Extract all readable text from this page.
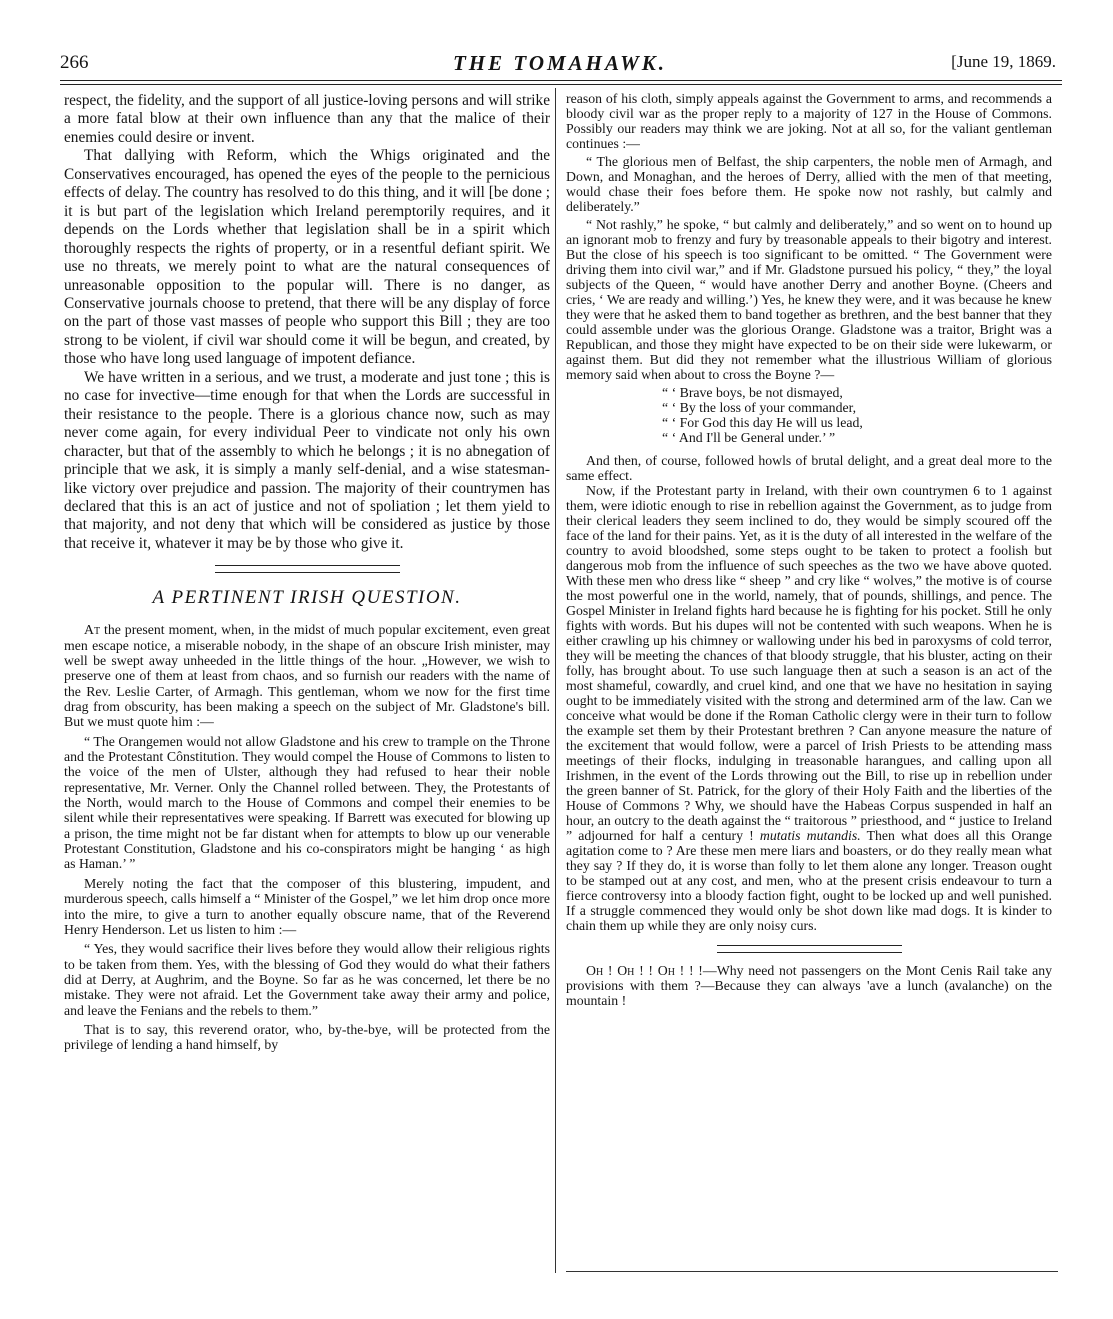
266	THE TOMAHAWK.	[June 19, 1869.

respect, the fidelity, and the support of all justice-loving persons and will strike a more fatal blow at their own influence than any that the malice of their enemies could desire or invent.

That dallying with Reform, which the Whigs originated and the Conservatives encouraged, has opened the eyes of the people to the pernicious effects of delay. The country has resolved to do this thing, and it will [be done ; it is but part of the legislation which Ireland peremptorily requires, and it depends on the Lords whether that legislation shall be in a spirit which thoroughly respects the rights of property, or in a resentful defiant spirit. We use no threats, we merely point to what are the natural consequences of unreasonable opposition to the popular will. There is no danger, as Conservative journals choose to pretend, that there will be any display of force on the part of those vast masses of people who support this Bill ; they are too strong to be violent, if civil war should come it will be begun, and created, by those who have long used language of impotent defiance.

We have written in a serious, and we trust, a moderate and just tone ; this is no case for invective—time enough for that when the Lords are successful in their resistance to the people. There is a glorious chance now, such as may never come again, for every individual Peer to vindicate not only his own character, but that of the assembly to which he belongs ; it is no abnegation of principle that we ask, it is simply a manly self-denial, and a wise statesman-like victory over prejudice and passion. The majority of their countrymen has declared that this is an act of justice and not of spoliation ; let them yield to that majority, and not deny that which will be considered as justice by those that receive it, whatever it may be by those who give it.

A PERTINENT IRISH QUESTION.

At the present moment, when, in the midst of much popular excitement, even great men escape notice, a miserable nobody, in the shape of an obscure Irish minister, may well be swept away unheeded in the little things of the hour. „However, we wish to preserve one of them at least from chaos, and so furnish our readers with the name of the Rev. Leslie Carter, of Armagh. This gentleman, whom we now for the first time drag from obscurity, has been making a speech on the subject of Mr. Gladstone's bill. But we must quote him :—

“ The Orangemen would not allow Gladstone and his crew to trample on the Throne and the Protestant Cônstitution. They would compel the House of Commons to listen to the voice of the men of Ulster, although they had refused to hear their noble representative, Mr. Verner. Only the Channel rolled between. They, the Protestants of the North, would march to the House of Commons and compel their enemies to be silent while their representatives were speaking. If Barrett was executed for blowing up a prison, the time might not be far distant when for attempts to blow up our venerable Protestant Constitution, Gladstone and his co-conspirators might be hanging ‘ as high as Haman.’ ”

Merely noting the fact that the composer of this blustering, impudent, and murderous speech, calls himself a “ Minister of the Gospel,” we let him drop once more into the mire, to give a turn to another equally obscure name, that of the Reverend Henry Henderson. Let us listen to him :—

“ Yes, they would sacrifice their lives before they would allow their religious rights to be taken from them. Yes, with the blessing of God they would do what their fathers did at Derry, at Aughrim, and the Boyne. So far as he was concerned, let there be no mistake. They were not afraid. Let the Government take away their army and police, and leave the Fenians and the rebels to them.”

That is to say, this reverend orator, who, by-the-bye, will be protected from the privilege of lending a hand himself, by

reason of his cloth, simply appeals against the Government to arms, and recommends a bloody civil war as the proper reply to a majority of 127 in the House of Commons. Possibly our readers may think we are joking. Not at all so, for the valiant gentleman continues :—

“ The glorious men of Belfast, the ship carpenters, the noble men of Armagh, and Down, and Monaghan, and the heroes of Derry, allied with the men of that meeting, would chase their foes before them. He spoke now not rashly, but calmly and deliberately.”

“ Not rashly,” he spoke, “ but calmly and deliberately,” and so went on to hound up an ignorant mob to frenzy and fury by treasonable appeals to their bigotry and interest. But the close of his speech is too significant to be omitted. “ The Government were driving them into civil war,” and if Mr. Gladstone pursued his policy, “ they,” the loyal subjects of the Queen, “ would have another Derry and another Boyne. (Cheers and cries, ‘ We are ready and willing.’) Yes, he knew they were, and it was because he knew they were that he asked them to band together as brethren, and the best banner that they could assemble under was the glorious Orange. Gladstone was a traitor, Bright was a Republican, and those they might have expected to be on their side were lukewarm, or against them. But did they not remember what the illustrious William of glorious memory said when about to cross the Boyne ?—

“ ‘ Brave boys, be not dismayed,
“ ‘ By the loss of your commander,
“ ‘ For God this day He will us lead,
“ ‘ And I'll be General under.’ ”

And then, of course, followed howls of brutal delight, and a great deal more to the same effect.

Now, if the Protestant party in Ireland, with their own countrymen 6 to 1 against them, were idiotic enough to rise in rebellion against the Government, as to judge from their clerical leaders they seem inclined to do, they would be simply scoured off the face of the land for their pains. Yet, as it is the duty of all interested in the welfare of the country to avoid bloodshed, some steps ought to be taken to protect a foolish but dangerous mob from the influence of such speeches as the two we have above quoted. With these men who dress like “ sheep ” and cry like “ wolves,” the motive is of course the most powerful one in the world, namely, that of pounds, shillings, and pence. The Gospel Minister in Ireland fights hard because he is fighting for his pocket. Still he only fights with words. But his dupes will not be contented with such weapons. When he is either crawling up his chimney or wallowing under his bed in paroxysms of cold terror, they will be meeting the chances of that bloody struggle, that his bluster, acting on their folly, has brought about. To use such language then at such a season is an act of the most shameful, cowardly, and cruel kind, and one that we have no hesitation in saying ought to be immediately visited with the strong and determined arm of the law. Can we conceive what would be done if the Roman Catholic clergy were in their turn to follow the example set them by their Protestant brethren ? Can anyone measure the nature of the excitement that would follow, were a parcel of Irish Priests to be attending mass meetings of their flocks, indulging in treasonable harangues, and calling upon all Irishmen, in the event of the Lords throwing out the Bill, to rise up in rebellion under the green banner of St. Patrick, for the glory of their Holy Faith and the liberties of the House of Commons ? Why, we should have the Habeas Corpus suspended in half an hour, an outcry to the death against the “ traitorous ” priesthood, and “ justice to Ireland ” adjourned for half a century ! mutatis mutandis. Then what does all this Orange agitation come to ? Are these men mere liars and boasters, or do they really mean what they say ? If they do, it is worse than folly to let them alone any longer. Treason ought to be stamped out at any cost, and men, who at the present crisis endeavour to turn a fierce controversy into a bloody faction fight, ought to be locked up and well punished. If a struggle commenced they would only be shot down like mad dogs. It is kinder to chain them up while they are only noisy curs.

Oh ! Oh ! ! Oh ! ! !—Why need not passengers on the Mont Cenis Rail take any provisions with them ?—Because they can always 'ave a lunch (avalanche) on the mountain !
